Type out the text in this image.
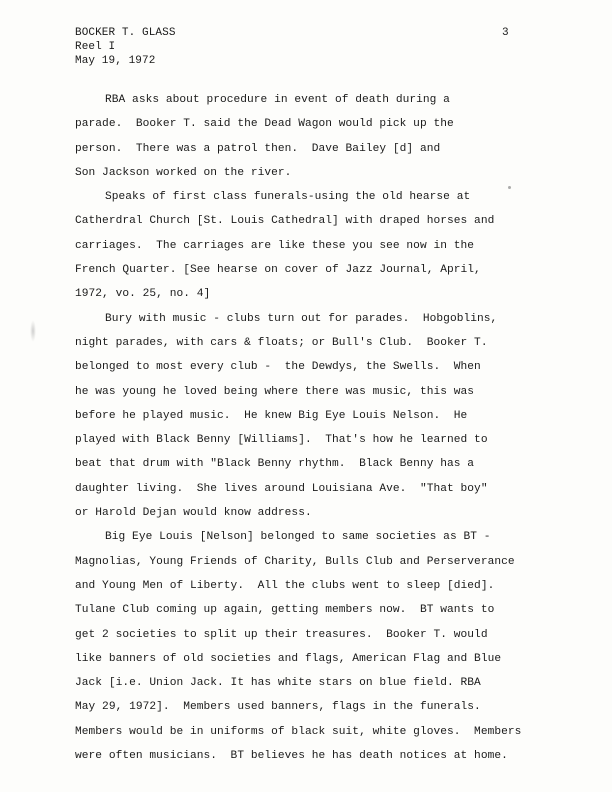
BOCKER T. GLASS
Reel I
May 19, 1972
3
RBA asks about procedure in event of death during a
parade.  Booker T. said the Dead Wagon would pick up the
person.  There was a patrol then.  Dave Bailey [d] and
Son Jackson worked on the river.
Speaks of first class funerals-using the old hearse at
Catherdral Church [St. Louis Cathedral] with draped horses and
carriages.  The carriages are like these you see now in the
French Quarter. [See hearse on cover of Jazz Journal, April,
1972, vo. 25, no. 4]
Bury with music - clubs turn out for parades.  Hobgoblins,
night parades, with cars & floats; or Bull's Club.  Booker T.
belonged to most every club -  the Dewdys, the Swells.  When
he was young he loved being where there was music, this was
before he played music.  He knew Big Eye Louis Nelson.  He
played with Black Benny [Williams].  That's how he learned to
beat that drum with "Black Benny rhythm.  Black Benny has a
daughter living.  She lives around Louisiana Ave.  "That boy"
or Harold Dejan would know address.
Big Eye Louis [Nelson] belonged to same societies as BT -
Magnolias, Young Friends of Charity, Bulls Club and Perserverance
and Young Men of Liberty.  All the clubs went to sleep [died].
Tulane Club coming up again, getting members now.  BT wants to
get 2 societies to split up their treasures.  Booker T. would
like banners of old societies and flags, American Flag and Blue
Jack [i.e. Union Jack. It has white stars on blue field. RBA
May 29, 1972].  Members used banners, flags in the funerals.
Members would be in uniforms of black suit, white gloves.  Members
were often musicians.  BT believes he has death notices at home.
